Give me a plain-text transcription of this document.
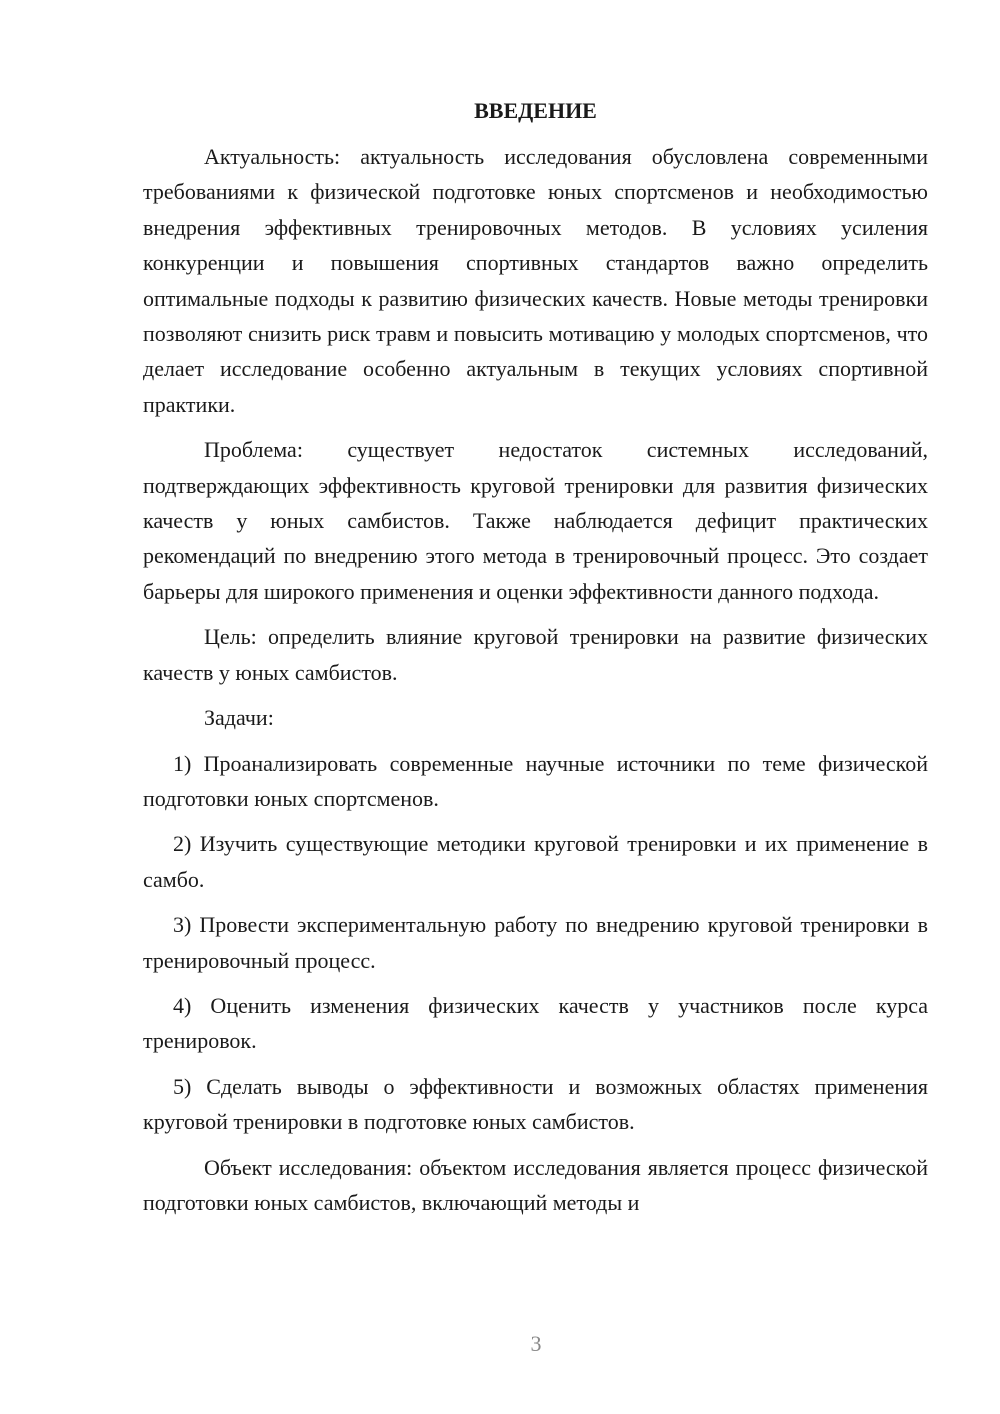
ВВЕДЕНИЕ

Актуальность: актуальность исследования обусловлена современными требованиями к физической подготовке юных спортсменов и необходимостью внедрения эффективных тренировочных методов. В условиях усиления конкуренции и повышения спортивных стандартов важно определить оптимальные подходы к развитию физических качеств. Новые методы тренировки позволяют снизить риск травм и повысить мотивацию у молодых спортсменов, что делает исследование особенно актуальным в текущих условиях спортивной практики.

Проблема: существует недостаток системных исследований, подтверждающих эффективность круговой тренировки для развития физических качеств у юных самбистов. Также наблюдается дефицит практических рекомендаций по внедрению этого метода в тренировочный процесс. Это создает барьеры для широкого применения и оценки эффективности данного подхода.

Цель: определить влияние круговой тренировки на развитие физических качеств у юных самбистов.

Задачи:

1) Проанализировать современные научные источники по теме физической подготовки юных спортсменов.

2) Изучить существующие методики круговой тренировки и их применение в самбо.

3) Провести экспериментальную работу по внедрению круговой тренировки в тренировочный процесс.

4) Оценить изменения физических качеств у участников после курса тренировок.

5) Сделать выводы о эффективности и возможных областях применения круговой тренировки в подготовке юных самбистов.

Объект исследования: объектом исследования является процесс физической подготовки юных самбистов, включающий методы и

3
